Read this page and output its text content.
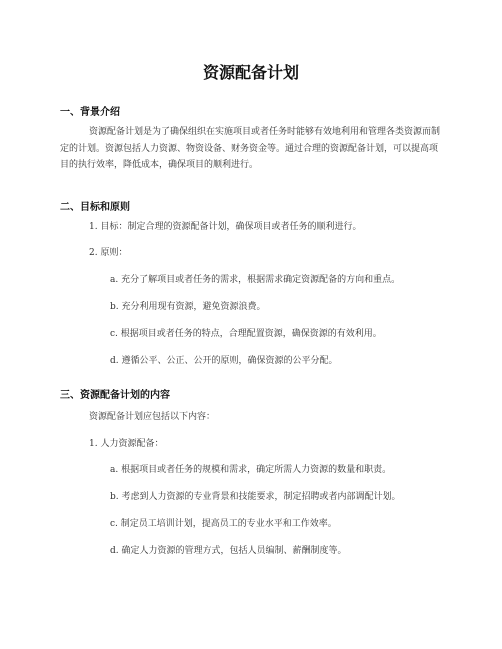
资源配备计划
一、背景介绍
资源配备计划是为了确保组织在实施项目或者任务时能够有效地利用和管理各类资源而制定的计划。资源包括人力资源、物资设备、财务资金等。通过合理的资源配备计划，可以提高项目的执行效率，降低成本，确保项目的顺利进行。
二、目标和原则
1. 目标：制定合理的资源配备计划，确保项目或者任务的顺利进行。
2. 原则：
a. 充分了解项目或者任务的需求，根据需求确定资源配备的方向和重点。
b. 充分利用现有资源，避免资源浪费。
c. 根据项目或者任务的特点，合理配置资源，确保资源的有效利用。
d. 遵循公平、公正、公开的原则，确保资源的公平分配。
三、资源配备计划的内容
资源配备计划应包括以下内容：
1. 人力资源配备：
a. 根据项目或者任务的规模和需求，确定所需人力资源的数量和职责。
b. 考虑到人力资源的专业背景和技能要求，制定招聘或者内部调配计划。
c. 制定员工培训计划，提高员工的专业水平和工作效率。
d. 确定人力资源的管理方式，包括人员编制、薪酬制度等。
